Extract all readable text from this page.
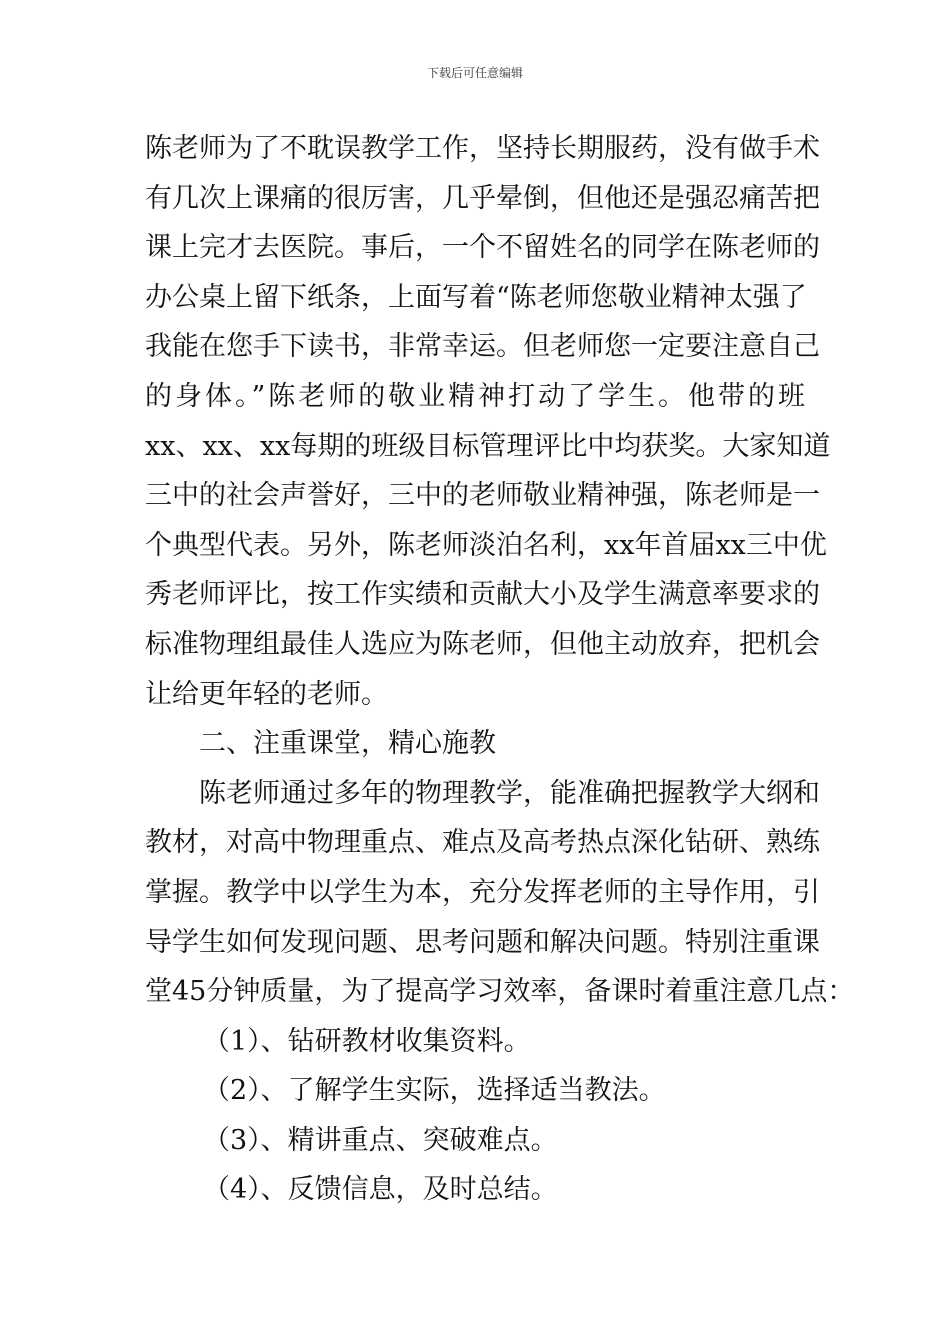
下载后可任意编辑
陈老师为了不耽误教学工作，坚持长期服药，没有做手术
有几次上课痛的很厉害，几乎晕倒，但他还是强忍痛苦把
课上完才去医院。事后，一个不留姓名的同学在陈老师的
办公桌上留下纸条，上面写着“陈老师您敬业精神太强了
我能在您手下读书，非常幸运。但老师您一定要注意自己
的身体。”陈老师的敬业精神打动了学生。他带的班
xx、xx、xx每期的班级目标管理评比中均获奖。大家知道
三中的社会声誉好，三中的老师敬业精神强，陈老师是一
个典型代表。另外，陈老师淡泊名利，xx年首届xx三中优
秀老师评比，按工作实绩和贡献大小及学生满意率要求的
标准物理组最佳人选应为陈老师，但他主动放弃，把机会
让给更年轻的老师。
二、注重课堂，精心施教
陈老师通过多年的物理教学，能准确把握教学大纲和
教材，对高中物理重点、难点及高考热点深化钻研、熟练
掌握。教学中以学生为本，充分发挥老师的主导作用，引
导学生如何发现问题、思考问题和解决问题。特别注重课
堂45分钟质量，为了提高学习效率，备课时着重注意几点：
（1）、钻研教材收集资料。
（2）、了解学生实际，选择适当教法。
（3）、精讲重点、突破难点。
（4）、反馈信息，及时总结。
